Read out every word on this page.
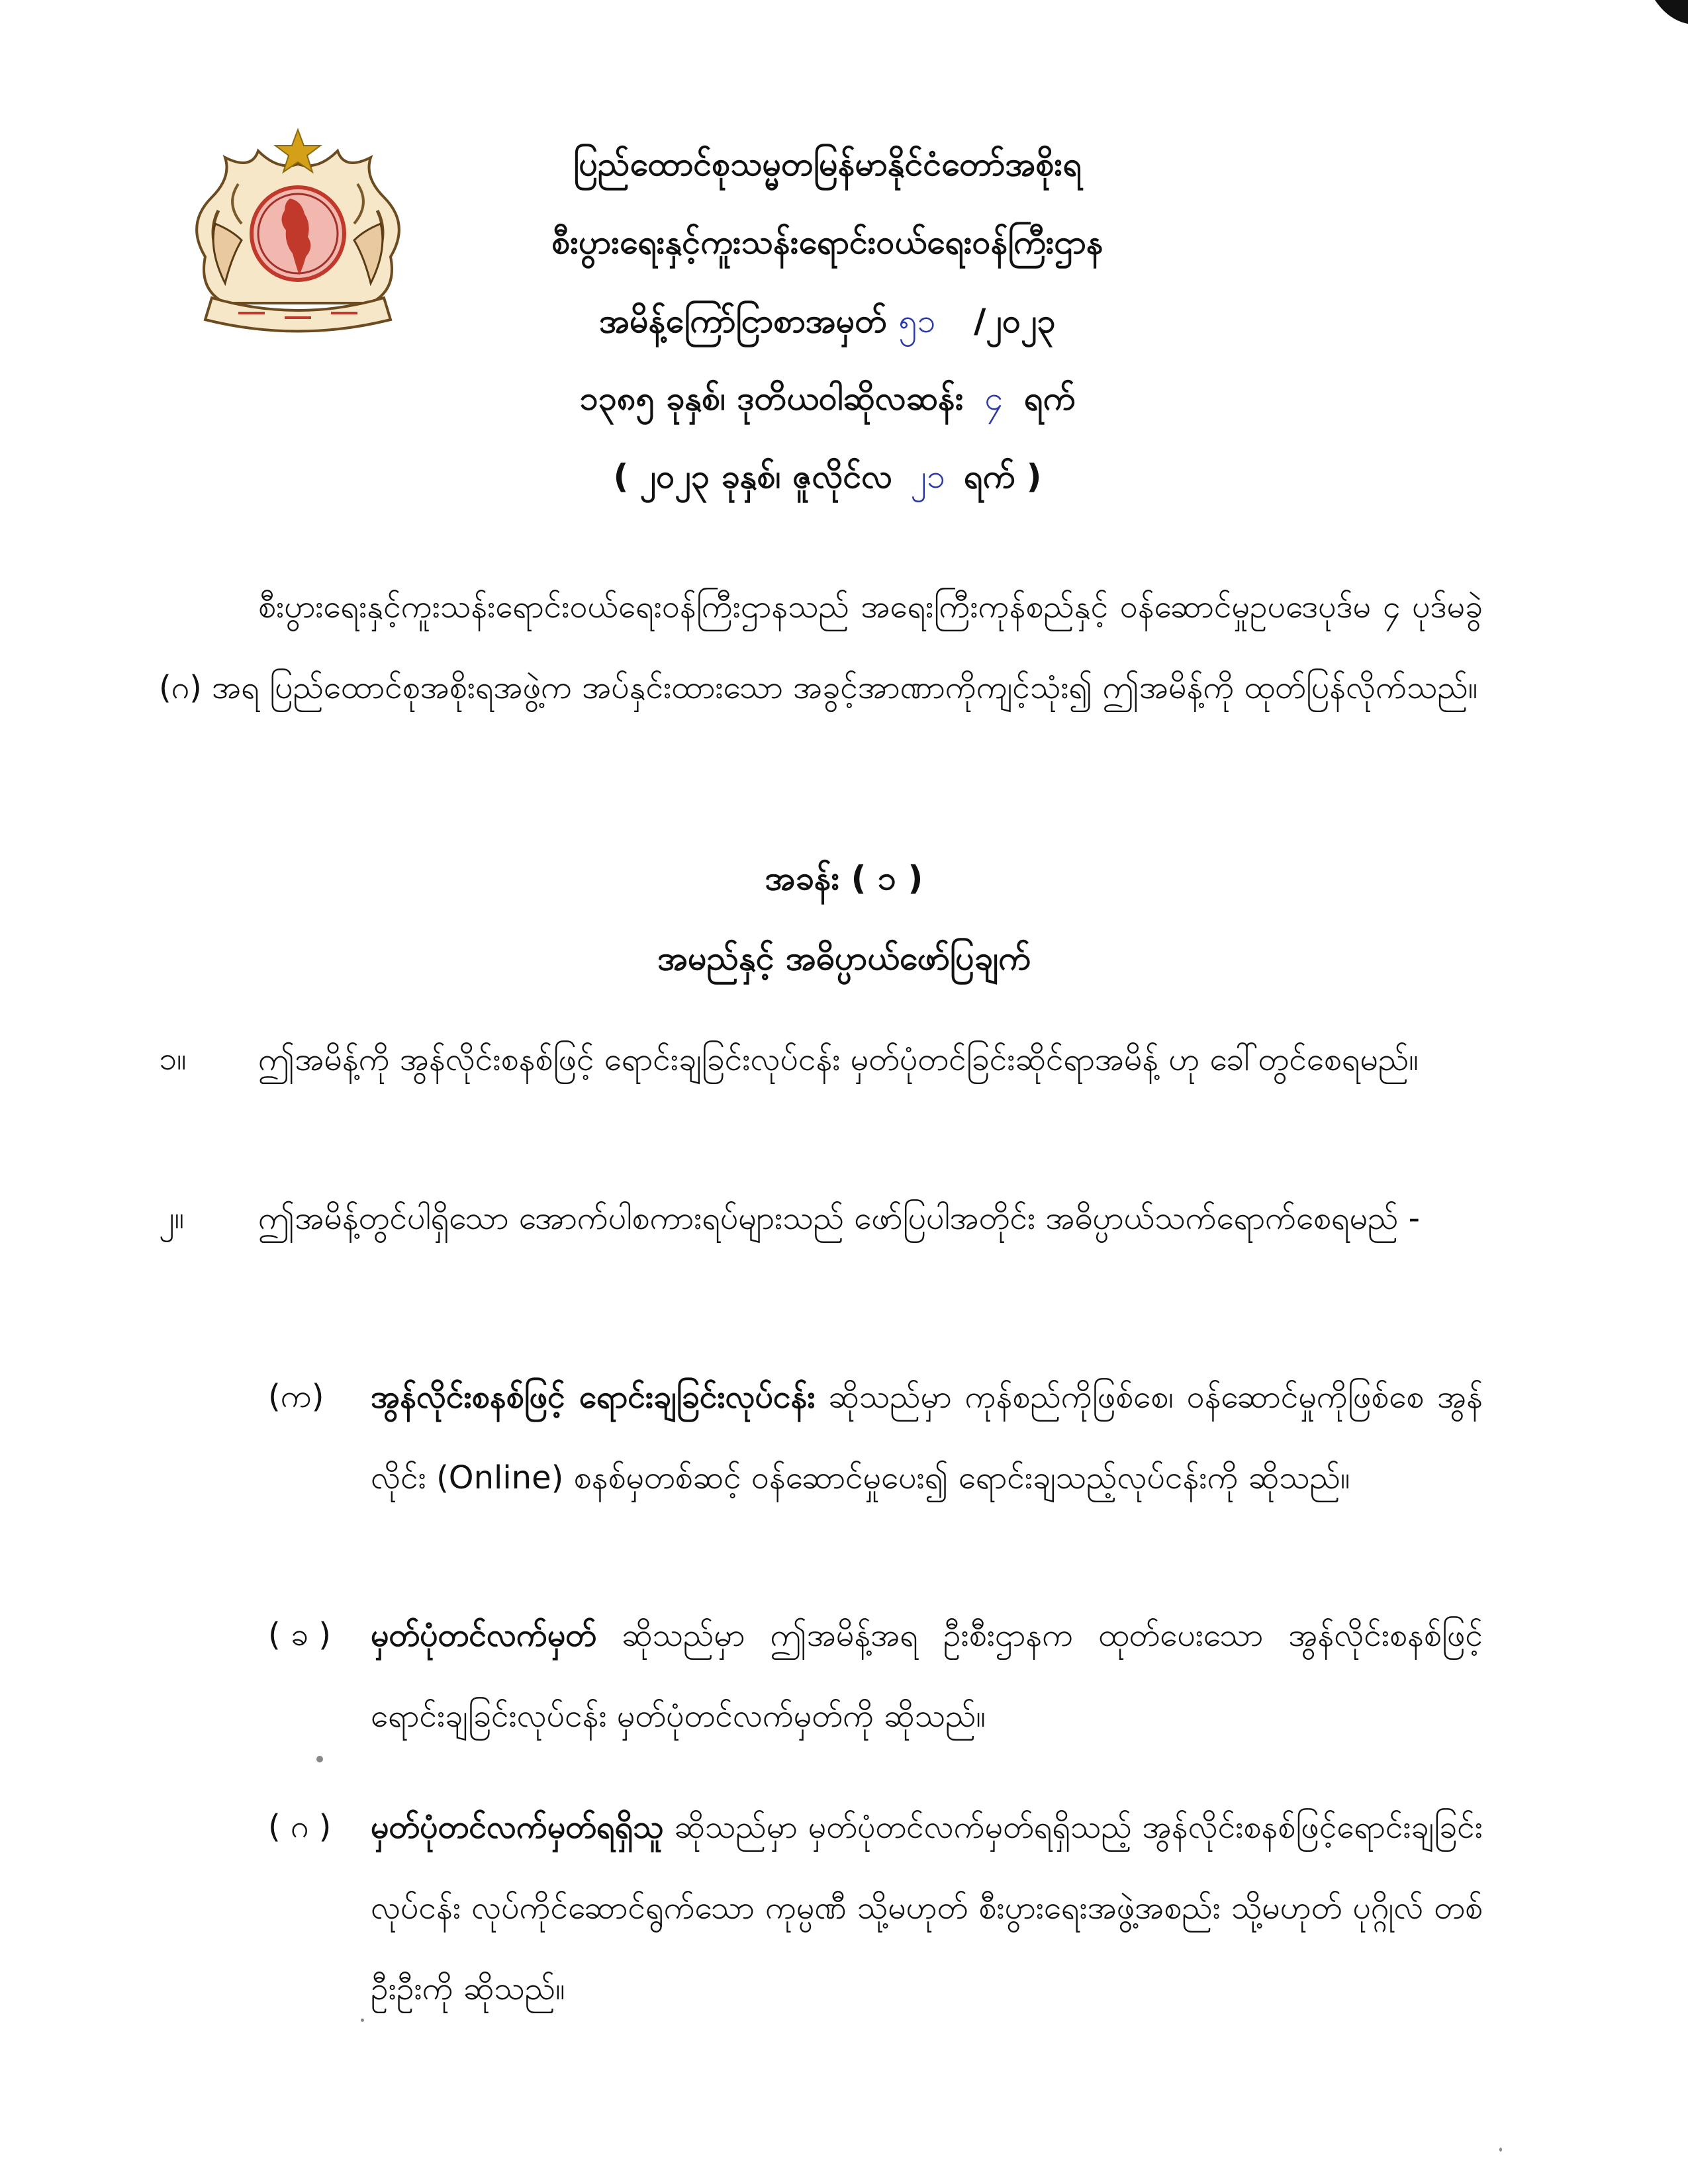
ပြည်ထောင်စုသမ္မတမြန်မာနိုင်ငံတော်အစိုးရ
စီးပွားရေးနှင့်ကူးသန်းရောင်းဝယ်ရေးဝန်ကြီးဌာန
အမိန့်ကြော်ငြာစာအမှတ် ၅၁ /၂၀၂၃
၁၃၈၅ ခုနှစ်၊ ဒုတိယဝါဆိုလဆန်း ၄ ရက်
( ၂၀၂၃ ခုနှစ်၊ ဇူလိုင်လ ၂၁ ရက် )
စီးပွားရေးနှင့်ကူးသန်းရောင်းဝယ်ရေးဝန်ကြီးဌာနသည် အရေးကြီးကုန်စည်နှင့် ဝန်ဆောင်မှုဥပဒေပုဒ်မ ၄ ပုဒ်မခွဲ (ဂ) အရ ပြည်ထောင်စုအစိုးရအဖွဲ့က အပ်နှင်းထားသော အခွင့်အာဏာကိုကျင့်သုံး၍ ဤအမိန့်ကို ထုတ်ပြန်လိုက်သည်။
အခန်း ( ၁ )
အမည်နှင့် အဓိပ္ပာယ်ဖော်ပြချက်
၁။	ဤအမိန့်ကို အွန်လိုင်းစနစ်ဖြင့် ရောင်းချခြင်းလုပ်ငန်း မှတ်ပုံတင်ခြင်းဆိုင်ရာအမိန့် ဟု ခေါ်တွင်စေရမည်။
၂။	ဤအမိန့်တွင်ပါရှိသော အောက်ပါစကားရပ်များသည် ဖော်ပြပါအတိုင်း အဓိပ္ပာယ်သက်ရောက်စေရမည် -
(က) အွန်လိုင်းစနစ်ဖြင့် ရောင်းချခြင်းလုပ်ငန်း ဆိုသည်မှာ ကုန်စည်ကိုဖြစ်စေ၊ ဝန်ဆောင်မှုကိုဖြစ်စေ အွန်လိုင်း (Online) စနစ်မှတစ်ဆင့် ဝန်ဆောင်မှုပေး၍ ရောင်းချသည့်လုပ်ငန်းကို ဆိုသည်။
( ခ ) မှတ်ပုံတင်လက်မှတ် ဆိုသည်မှာ ဤအမိန့်အရ ဦးစီးဌာနက ထုတ်ပေးသော အွန်လိုင်းစနစ်ဖြင့် ရောင်းချခြင်းလုပ်ငန်း မှတ်ပုံတင်လက်မှတ်ကို ဆိုသည်။
( ဂ ) မှတ်ပုံတင်လက်မှတ်ရရှိသူ ဆိုသည်မှာ မှတ်ပုံတင်လက်မှတ်ရရှိသည့် အွန်လိုင်းစနစ်ဖြင့်ရောင်းချခြင်းလုပ်ငန်း လုပ်ကိုင်ဆောင်ရွက်သော ကုမ္ပဏီ သို့မဟုတ် စီးပွားရေးအဖွဲ့အစည်း သို့မဟုတ် ပုဂ္ဂိုလ် တစ်ဦးဦးကို ဆိုသည်။
